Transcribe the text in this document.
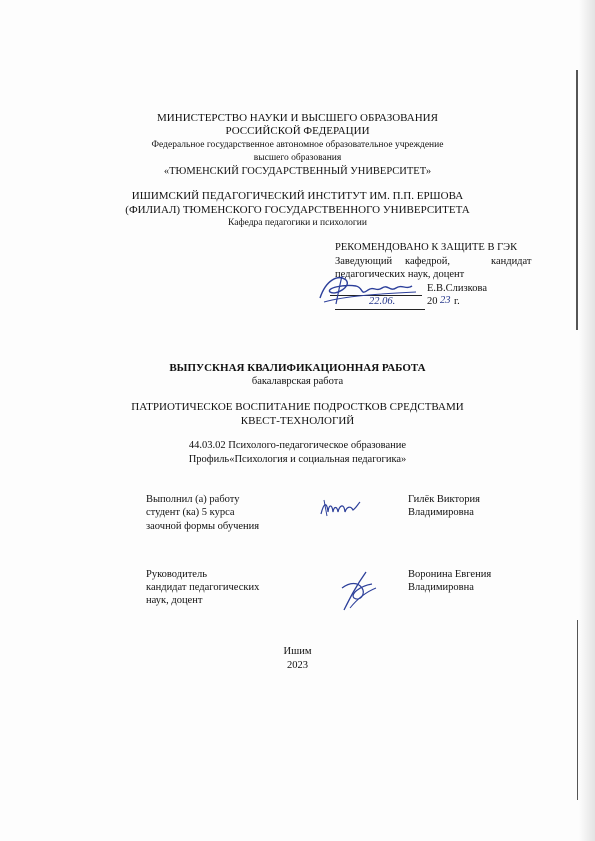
МИНИСТЕРСТВО НАУКИ И ВЫСШЕГО ОБРАЗОВАНИЯ
РОССИЙСКОЙ ФЕДЕРАЦИИ
Федеральное государственное автономное образовательное учреждение
высшего образования
«ТЮМЕНСКИЙ ГОСУДАРСТВЕННЫЙ УНИВЕРСИТЕТ»
ИШИМСКИЙ ПЕДАГОГИЧЕСКИЙ ИНСТИТУТ ИМ. П.П. ЕРШОВА
(ФИЛИАЛ) ТЮМЕНСКОГО ГОСУДАРСТВЕННОГО УНИВЕРСИТЕТА
Кафедра педагогики и психологии
РЕКОМЕНДОВАНО К ЗАЩИТЕ В ГЭК
Заведующий кафедрой,	кандидат
педагогических наук, доцент
Е.В.Слизкова
22.06.	20 23 г.
ВЫПУСКНАЯ КВАЛИФИКАЦИОННАЯ РАБОТА
бакалаврская работа
ПАТРИОТИЧЕСКОЕ ВОСПИТАНИЕ ПОДРОСТКОВ СРЕДСТВАМИ
КВЕСТ-ТЕХНОЛОГИЙ
44.03.02 Психолого-педагогическое образование
Профиль«Психология и социальная педагогика»
Выполнил (а) работу
студент (ка) 5 курса
заочной формы обучения
Гилёк Виктория
Владимировна
Руководитель
кандидат педагогических
наук, доцент
Воронина Евгения
Владимировна
Ишим
2023
